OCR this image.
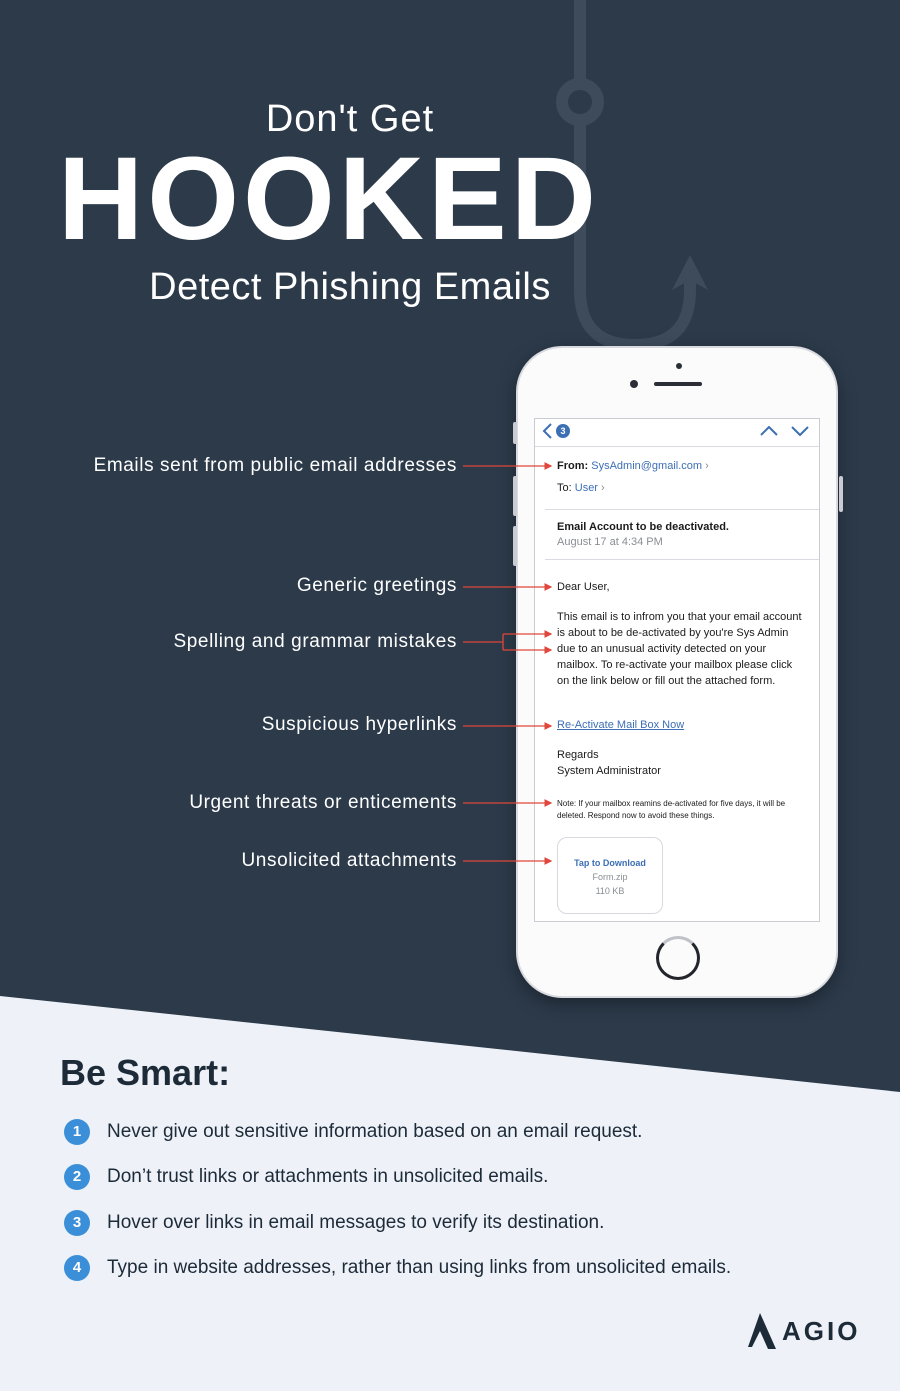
Don't Get
HOOKED
Detect Phishing Emails
Emails sent from public email addresses
Generic greetings
Spelling and grammar mistakes
Suspicious hyperlinks
Urgent threats or enticements
Unsolicited attachments
3
From: SysAdmin@gmail.com ›
To: User ›
Email Account to be deactivated.
August 17 at 4:34 PM
Dear User,
This email is to infrom you that your email account is about to be de-activated by you're Sys Admin due to an unusual activity detected on your mailbox. To re-activate your mailbox please click on the link below or fill out the attached form.
Re-Activate Mail Box Now
Regards
System Administrator
Note: If your mailbox reamins de-activated for five days, it will be deleted. Respond now to avoid these things.
Tap to Download
Form.zip
110 KB
Be Smart:
1	Never give out sensitive information based on an email request.
2	Don’t trust links or attachments in unsolicited emails.
3	Hover over links in email messages to verify its destination.
4	Type in website addresses, rather than using links from unsolicited emails.
AGIO
